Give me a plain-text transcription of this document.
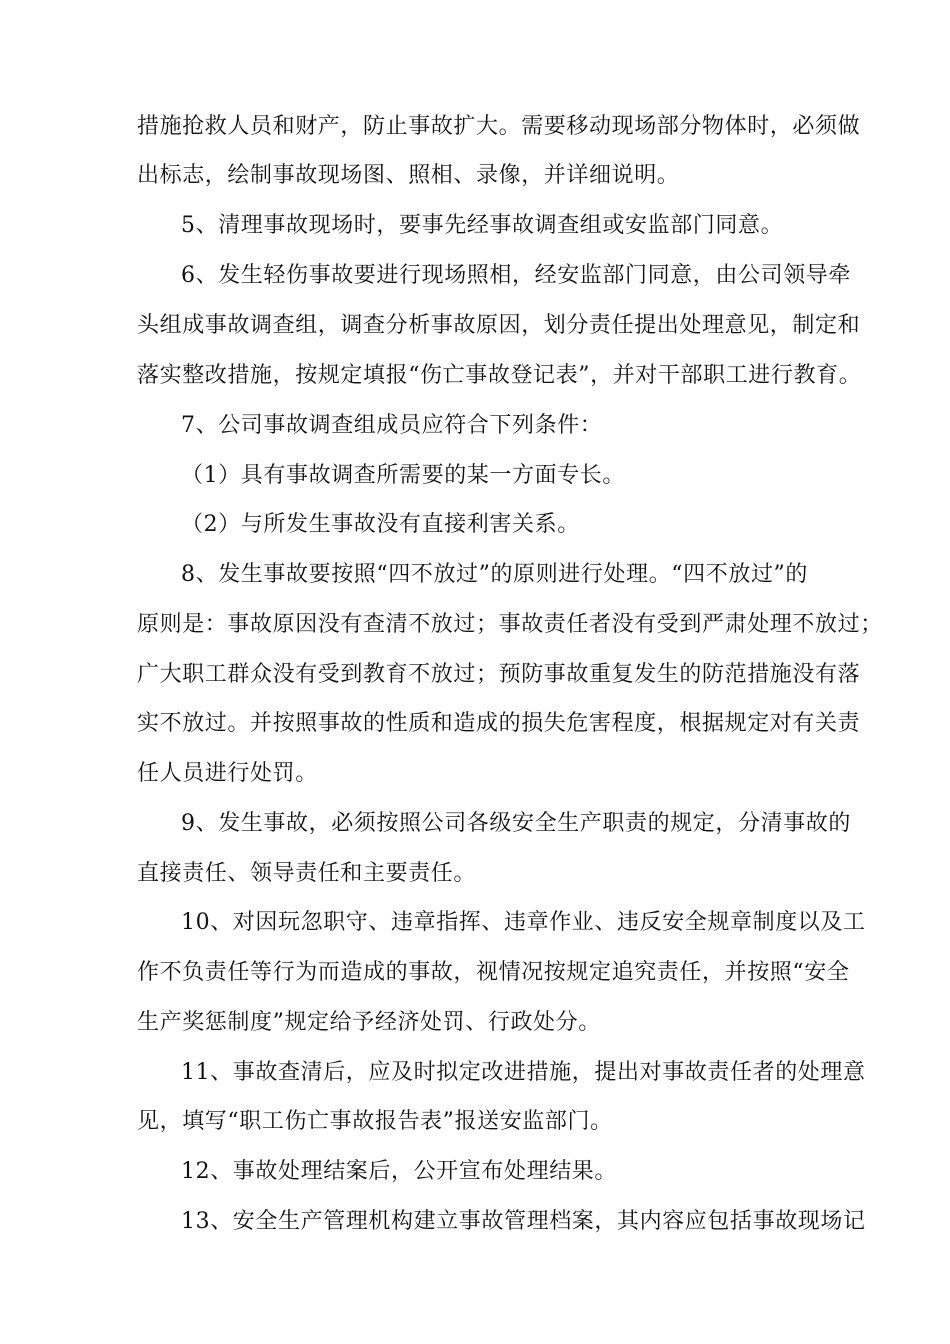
措施抢救人员和财产，防止事故扩大。需要移动现场部分物体时，必须做
出标志，绘制事故现场图、照相、录像，并详细说明。
5、清理事故现场时，要事先经事故调查组或安监部门同意。
6、发生轻伤事故要进行现场照相，经安监部门同意，由公司领导牵
头组成事故调查组，调查分析事故原因，划分责任提出处理意见，制定和
落实整改措施，按规定填报“伤亡事故登记表”，并对干部职工进行教育。
7、公司事故调查组成员应符合下列条件：
（1）具有事故调查所需要的某一方面专长。
（2）与所发生事故没有直接利害关系。
8、发生事故要按照“四不放过”的原则进行处理。“四不放过”的
原则是：事故原因没有查清不放过；事故责任者没有受到严肃处理不放过；
广大职工群众没有受到教育不放过；预防事故重复发生的防范措施没有落
实不放过。并按照事故的性质和造成的损失危害程度，根据规定对有关责
任人员进行处罚。
9、发生事故，必须按照公司各级安全生产职责的规定，分清事故的
直接责任、领导责任和主要责任。
10、对因玩忽职守、违章指挥、违章作业、违反安全规章制度以及工
作不负责任等行为而造成的事故，视情况按规定追究责任，并按照“安全
生产奖惩制度”规定给予经济处罚、行政处分。
11、事故查清后，应及时拟定改进措施，提出对事故责任者的处理意
见，填写“职工伤亡事故报告表”报送安监部门。
12、事故处理结案后，公开宣布处理结果。
13、安全生产管理机构建立事故管理档案，其内容应包括事故现场记
